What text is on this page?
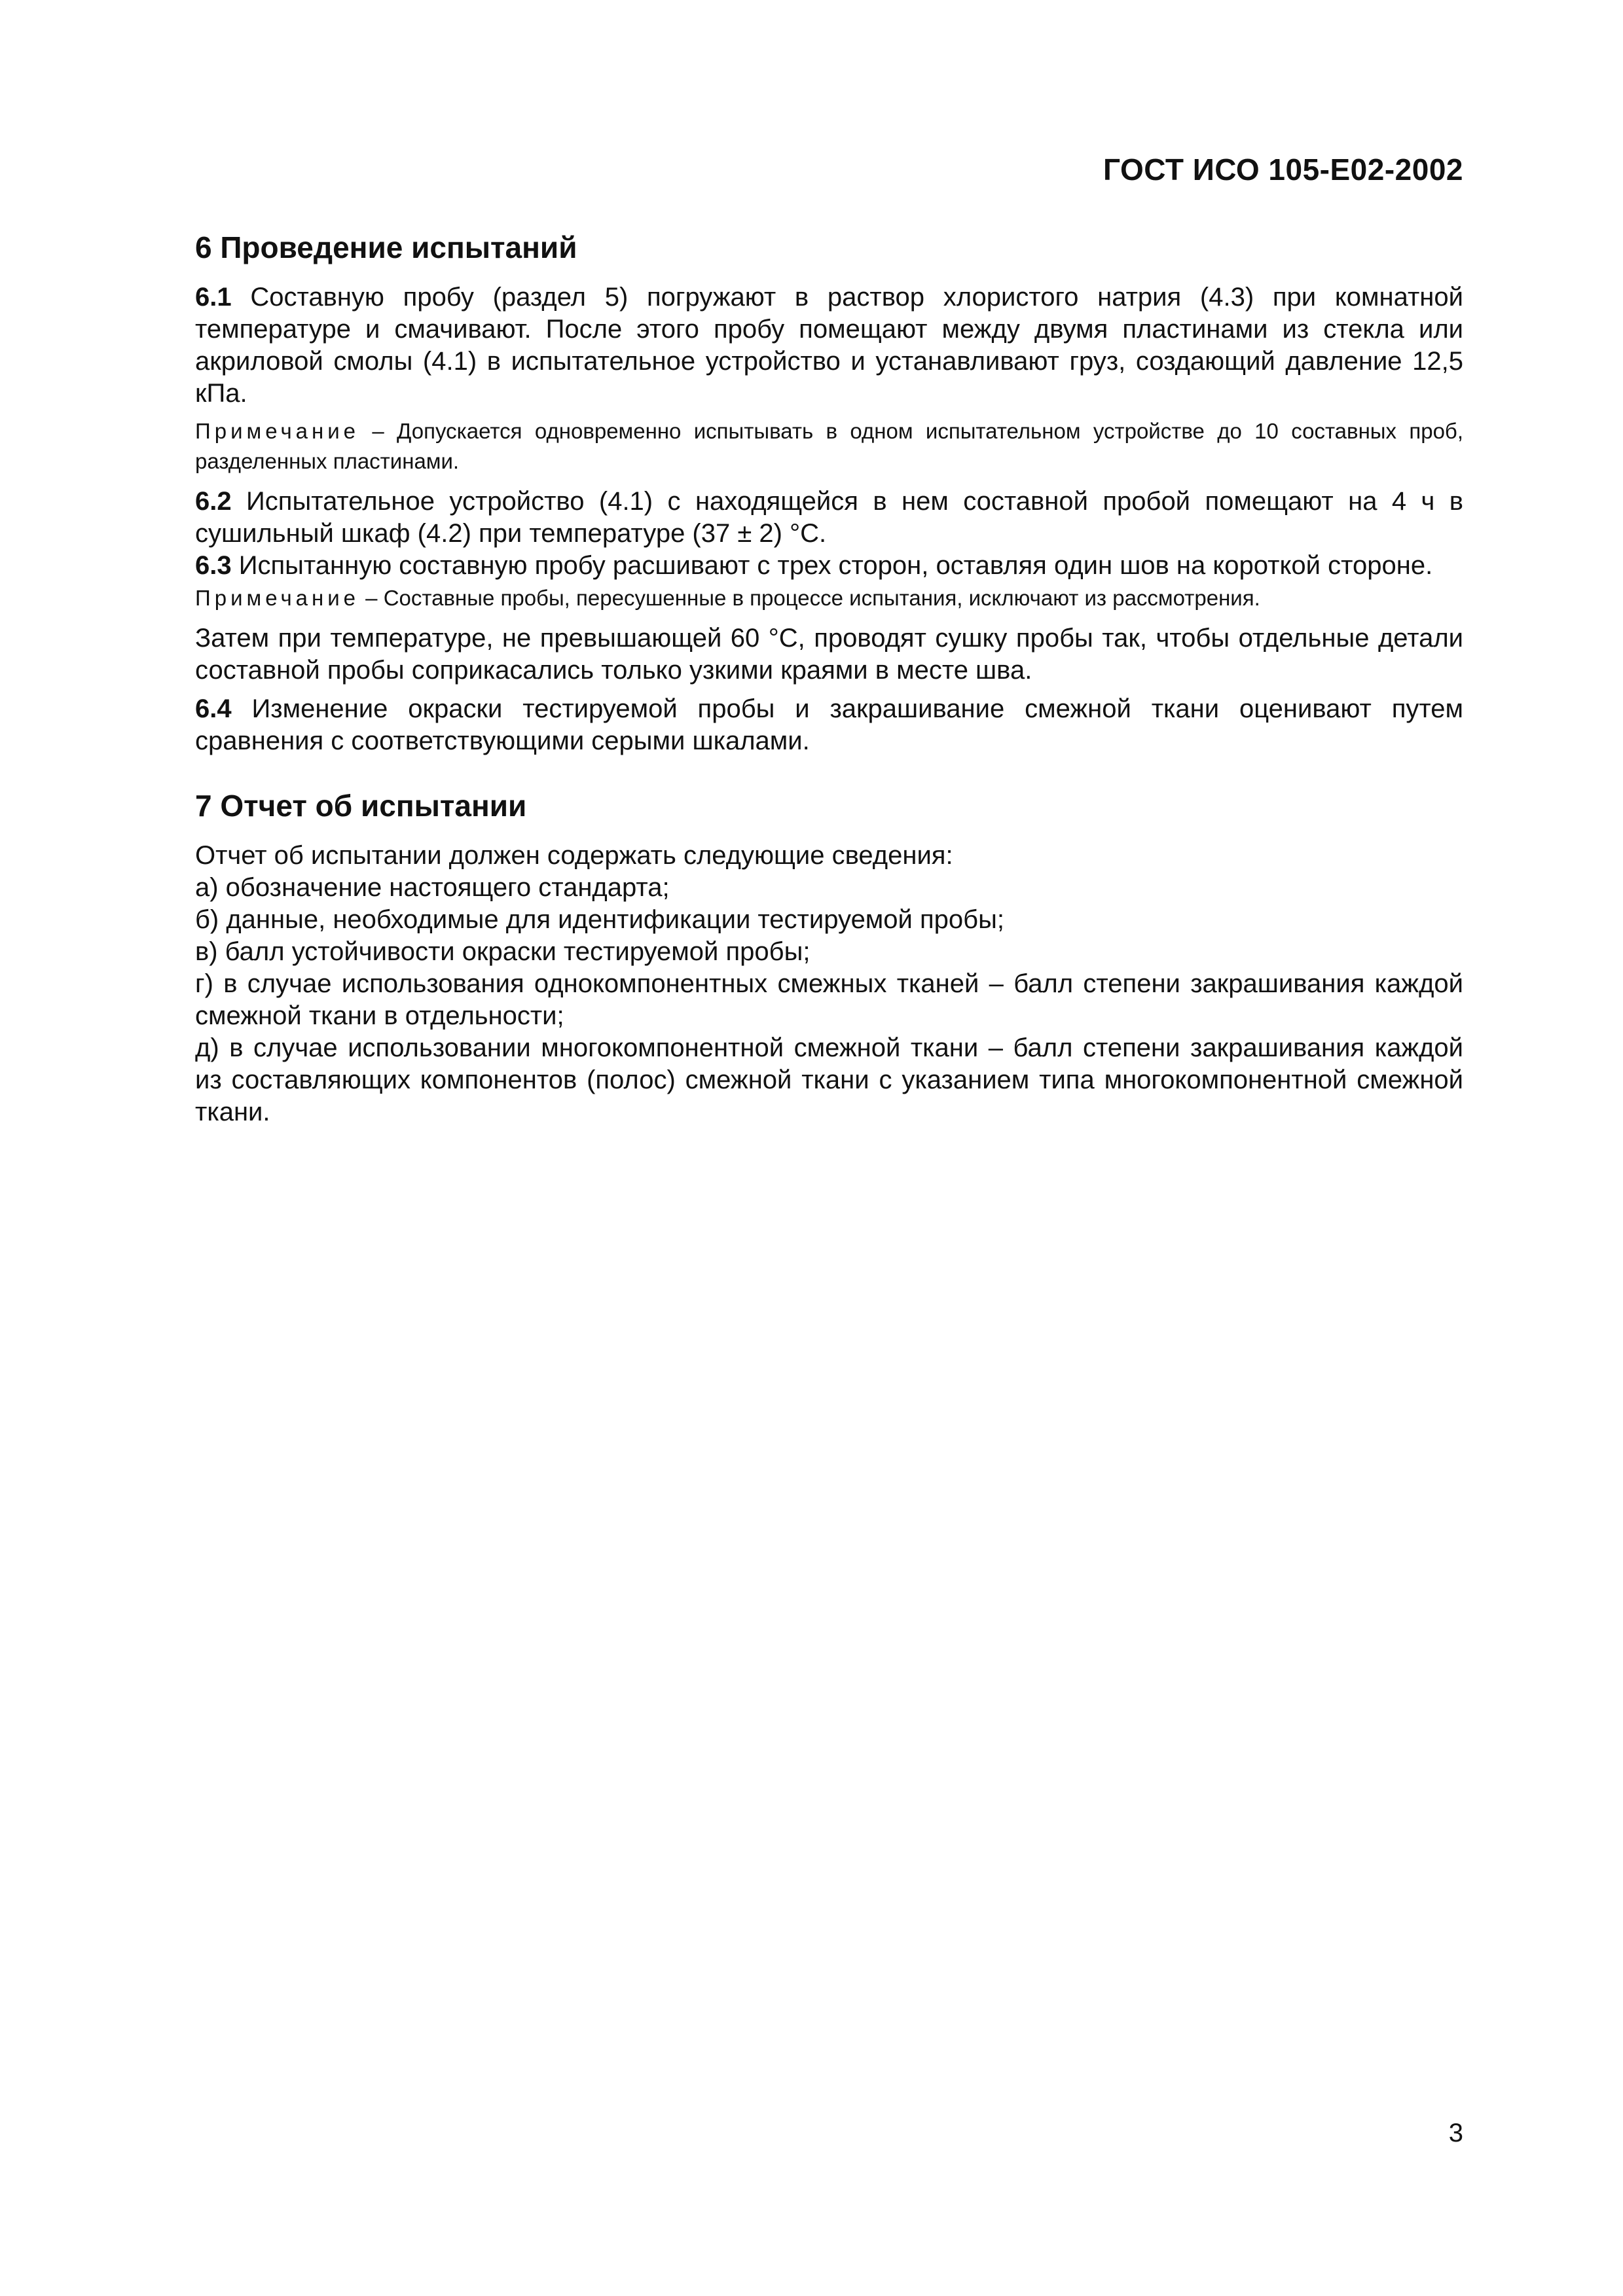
ГОСТ ИСО 105-Е02-2002
6 Проведение испытаний

6.1 Составную пробу (раздел 5) погружают в раствор хлористого натрия (4.3) при комнатной температуре и смачивают. После этого пробу помещают между двумя пластинами из стекла или акриловой смолы (4.1) в испытательное устройство и устанавливают груз, создающий давление 12,5 кПа.

Примечание – Допускается одновременно испытывать в одном испытательном устройстве до 10 составных проб, разделенных пластинами.

6.2 Испытательное устройство (4.1) с находящейся в нем составной пробой помещают на 4 ч в сушильный шкаф (4.2) при температуре (37 ± 2) °С.

6.3 Испытанную составную пробу расшивают с трех сторон, оставляя один шов на короткой стороне.

Примечание – Составные пробы, пересушенные в процессе испытания, исключают из рассмотрения.

Затем при температуре, не превышающей 60 °С, проводят сушку пробы так, чтобы отдельные детали составной пробы соприкасались только узкими краями в месте шва.

6.4 Изменение окраски тестируемой пробы и закрашивание смежной ткани оценивают путем сравнения с соответствующими серыми шкалами.

7 Отчет об испытании

Отчет об испытании должен содержать следующие сведения:

а) обозначение настоящего стандарта;

б) данные, необходимые для идентификации тестируемой пробы;

в) балл устойчивости окраски тестируемой пробы;

г) в случае использования однокомпонентных смежных тканей – балл степени закрашивания каждой смежной ткани в отдельности;

д) в случае использовании многокомпонентной смежной ткани – балл степени закрашивания каждой из составляющих компонентов (полос) смежной ткани с указанием типа многокомпонентной смежной ткани.

3
